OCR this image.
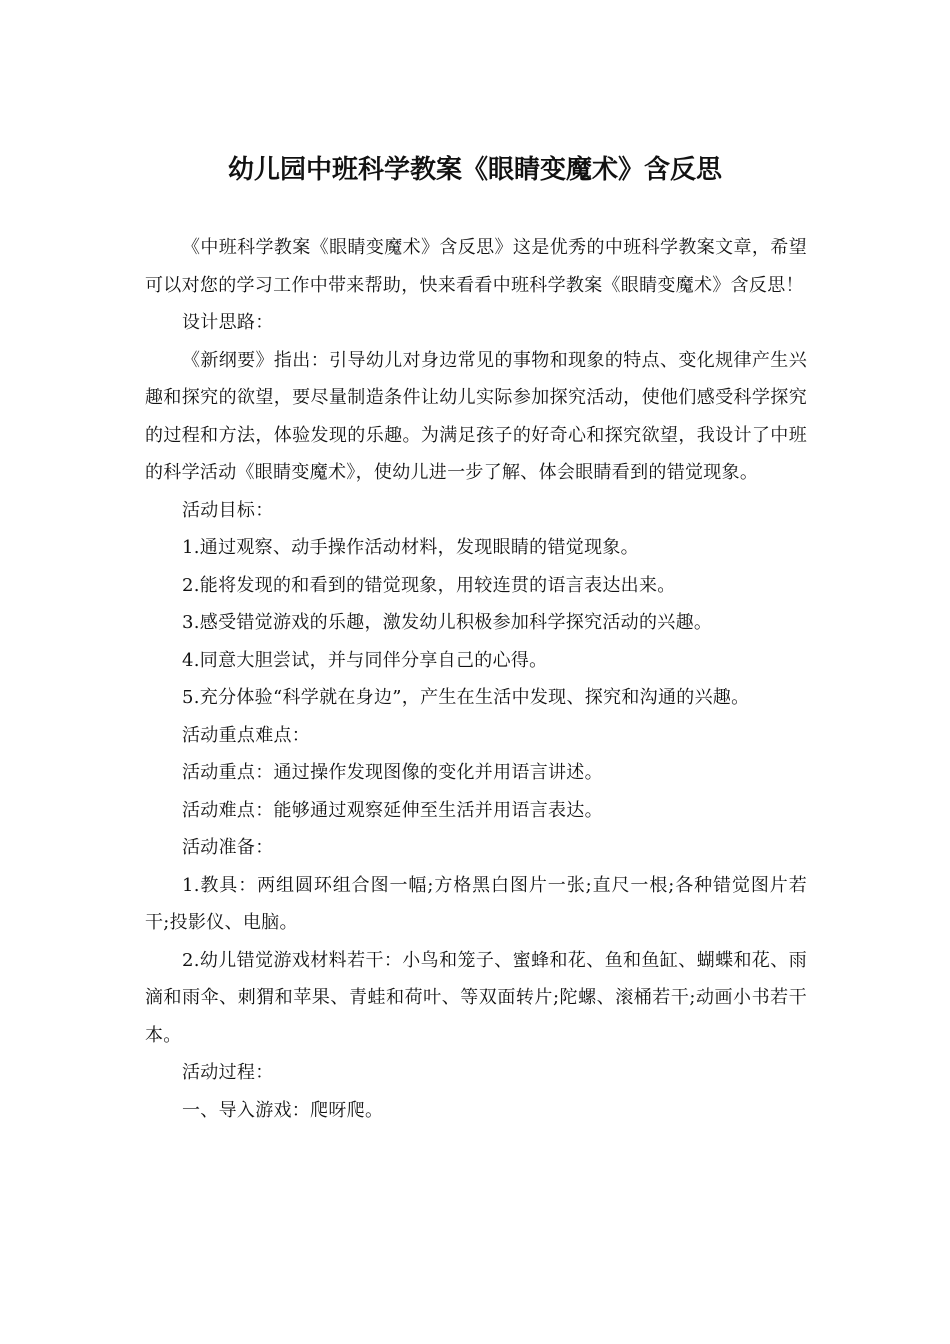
幼儿园中班科学教案《眼睛变魔术》含反思

《中班科学教案《眼睛变魔术》含反思》这是优秀的中班科学教案文章，希望可以对您的学习工作中带来帮助，快来看看中班科学教案《眼睛变魔术》含反思！

设计思路：

《新纲要》指出：引导幼儿对身边常见的事物和现象的特点、变化规律产生兴趣和探究的欲望，要尽量制造条件让幼儿实际参加探究活动，使他们感受科学探究的过程和方法，体验发现的乐趣。为满足孩子的好奇心和探究欲望，我设计了中班的科学活动《眼睛变魔术》，使幼儿进一步了解、体会眼睛看到的错觉现象。

活动目标：

1.通过观察、动手操作活动材料，发现眼睛的错觉现象。

2.能将发现的和看到的错觉现象，用较连贯的语言表达出来。

3.感受错觉游戏的乐趣，激发幼儿积极参加科学探究活动的兴趣。

4.同意大胆尝试，并与同伴分享自己的心得。

5.充分体验“科学就在身边”，产生在生活中发现、探究和沟通的兴趣。

活动重点难点：

活动重点：通过操作发现图像的变化并用语言讲述。

活动难点：能够通过观察延伸至生活并用语言表达。

活动准备：

1.教具：两组圆环组合图一幅;方格黑白图片一张;直尺一根;各种错觉图片若干;投影仪、电脑。

2.幼儿错觉游戏材料若干：小鸟和笼子、蜜蜂和花、鱼和鱼缸、蝴蝶和花、雨滴和雨伞、刺猬和苹果、青蛙和荷叶、等双面转片;陀螺、滚桶若干;动画小书若干本。

活动过程：

一、导入游戏：爬呀爬。
